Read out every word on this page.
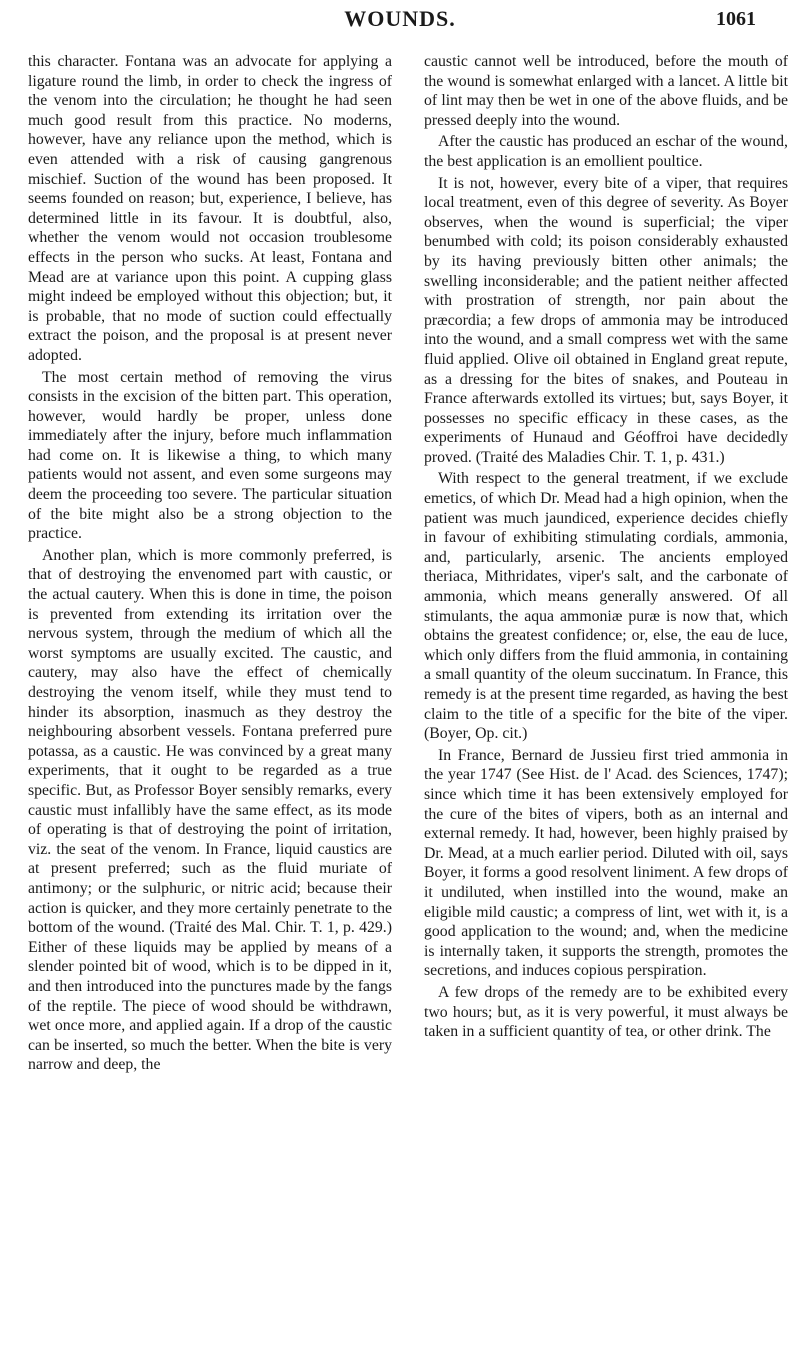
WOUNDS.	1061

this character. Fontana was an advocate for applying a ligature round the limb, in order to check the ingress of the venom into the circulation; he thought he had seen much good result from this practice. No moderns, however, have any reliance upon the method, which is even attended with a risk of causing gangrenous mischief. Suction of the wound has been proposed. It seems founded on reason; but, experience, I believe, has determined little in its favour. It is doubtful, also, whether the venom would not occasion troublesome effects in the person who sucks. At least, Fontana and Mead are at variance upon this point. A cupping glass might indeed be employed without this objection; but, it is probable, that no mode of suction could effectually extract the poison, and the proposal is at present never adopted.

The most certain method of removing the virus consists in the excision of the bitten part. This operation, however, would hardly be proper, unless done immediately after the injury, before much inflammation had come on. It is likewise a thing, to which many patients would not assent, and even some surgeons may deem the proceeding too severe. The particular situation of the bite might also be a strong objection to the practice.

Another plan, which is more commonly preferred, is that of destroying the envenomed part with caustic, or the actual cautery. When this is done in time, the poison is prevented from extending its irritation over the nervous system, through the medium of which all the worst symptoms are usually excited. The caustic, and cautery, may also have the effect of chemically destroying the venom itself, while they must tend to hinder its absorption, inasmuch as they destroy the neighbouring absorbent vessels. Fontana preferred pure potassa, as a caustic. He was convinced by a great many experiments, that it ought to be regarded as a true specific. But, as Professor Boyer sensibly remarks, every caustic must infallibly have the same effect, as its mode of operating is that of destroying the point of irritation, viz. the seat of the venom. In France, liquid caustics are at present preferred; such as the fluid muriate of antimony; or the sulphuric, or nitric acid; because their action is quicker, and they more certainly penetrate to the bottom of the wound. (Traité des Mal. Chir. T. 1, p. 429.) Either of these liquids may be applied by means of a slender pointed bit of wood, which is to be dipped in it, and then introduced into the punctures made by the fangs of the reptile. The piece of wood should be withdrawn, wet once more, and applied again. If a drop of the caustic can be inserted, so much the better. When the bite is very narrow and deep, the

caustic cannot well be introduced, before the mouth of the wound is somewhat enlarged with a lancet. A little bit of lint may then be wet in one of the above fluids, and be pressed deeply into the wound.

After the caustic has produced an eschar of the wound, the best application is an emollient poultice.

It is not, however, every bite of a viper, that requires local treatment, even of this degree of severity. As Boyer observes, when the wound is superficial; the viper benumbed with cold; its poison considerably exhausted by its having previously bitten other animals; the swelling inconsiderable; and the patient neither affected with prostration of strength, nor pain about the præcordia; a few drops of ammonia may be introduced into the wound, and a small compress wet with the same fluid applied. Olive oil obtained in England great repute, as a dressing for the bites of snakes, and Pouteau in France afterwards extolled its virtues; but, says Boyer, it possesses no specific efficacy in these cases, as the experiments of Hunaud and Géoffroi have decidedly proved. (Traité des Maladies Chir. T. 1, p. 431.)

With respect to the general treatment, if we exclude emetics, of which Dr. Mead had a high opinion, when the patient was much jaundiced, experience decides chiefly in favour of exhibiting stimulating cordials, ammonia, and, particularly, arsenic. The ancients employed theriaca, Mithridates, viper's salt, and the carbonate of ammonia, which means generally answered. Of all stimulants, the aqua ammoniæ puræ is now that, which obtains the greatest confidence; or, else, the eau de luce, which only differs from the fluid ammonia, in containing a small quantity of the oleum succinatum. In France, this remedy is at the present time regarded, as having the best claim to the title of a specific for the bite of the viper. (Boyer, Op. cit.)

In France, Bernard de Jussieu first tried ammonia in the year 1747 (See Hist. de l' Acad. des Sciences, 1747); since which time it has been extensively employed for the cure of the bites of vipers, both as an internal and external remedy. It had, however, been highly praised by Dr. Mead, at a much earlier period. Diluted with oil, says Boyer, it forms a good resolvent liniment. A few drops of it undiluted, when instilled into the wound, make an eligible mild caustic; a compress of lint, wet with it, is a good application to the wound; and, when the medicine is internally taken, it supports the strength, promotes the secretions, and induces copious perspiration.

A few drops of the remedy are to be exhibited every two hours; but, as it is very powerful, it must always be taken in a sufficient quantity of tea, or other drink. The
